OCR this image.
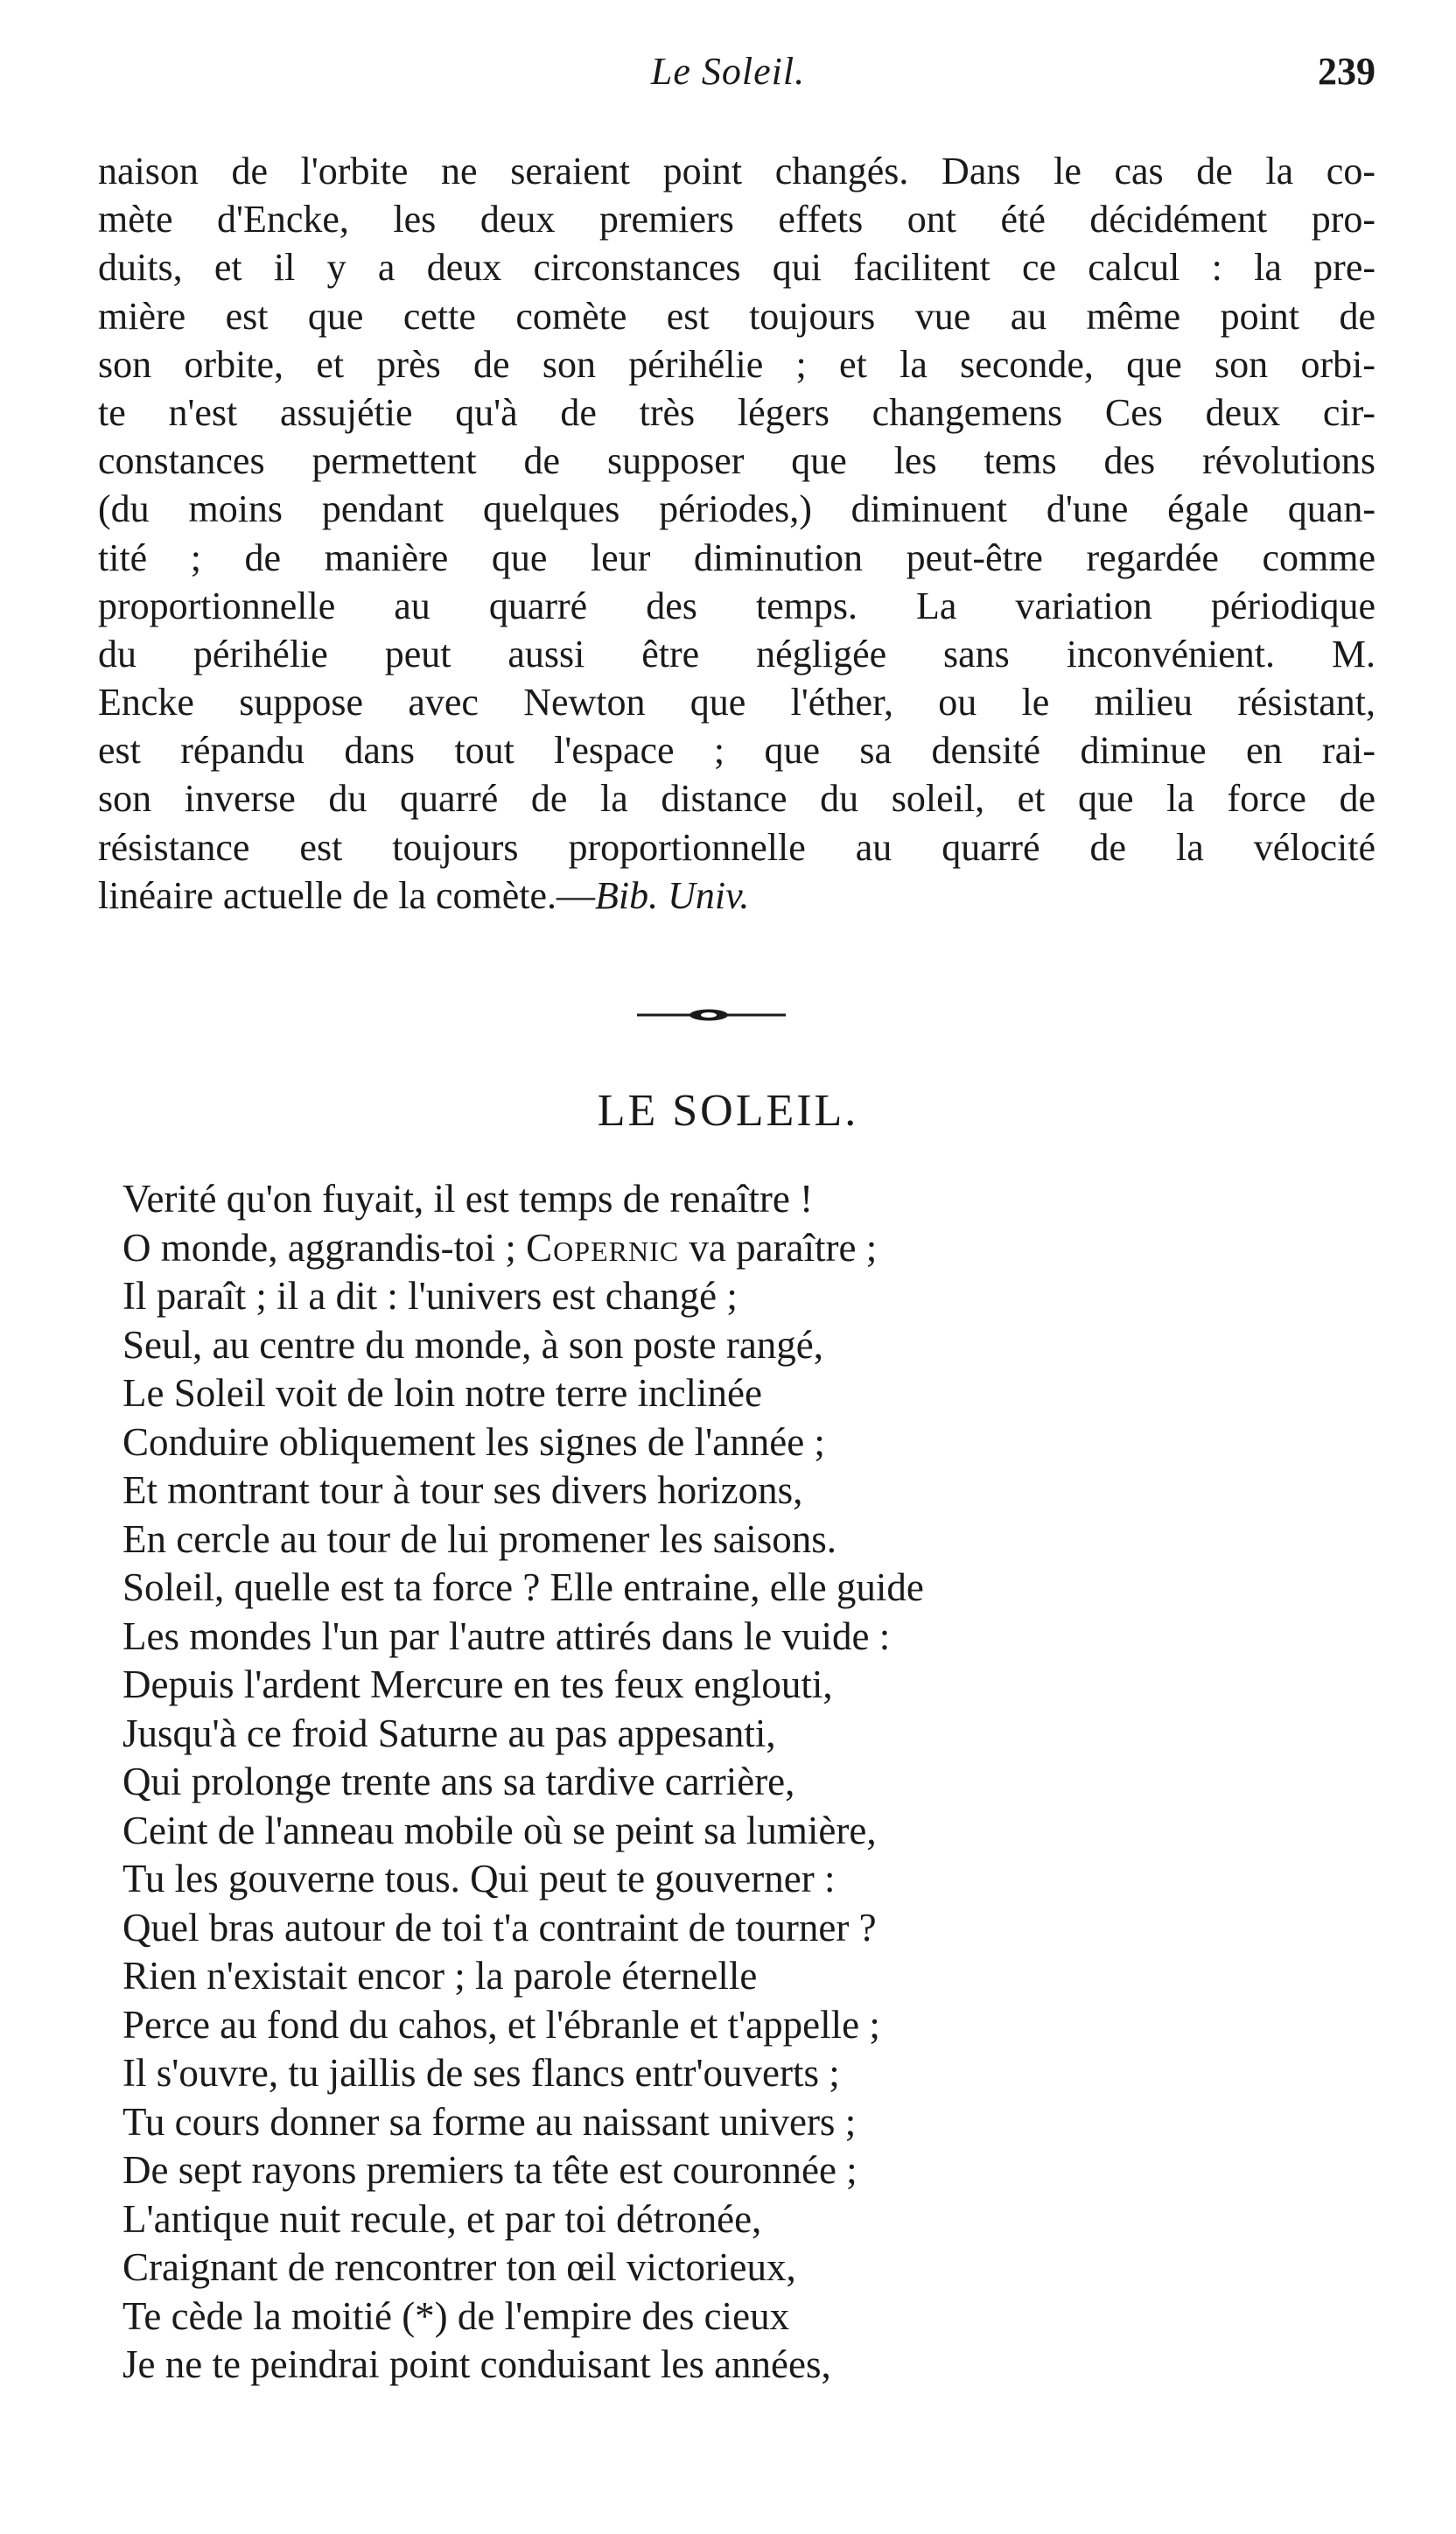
Le Soleil.	239
naison de l'orbite ne seraient point changés. Dans le cas de la co-
mète d'Encke, les deux premiers effets ont été décidément pro-
duits, et il y a deux circonstances qui facilitent ce calcul : la pre-
mière est que cette comète est toujours vue au même point de
son orbite, et près de son périhélie ; et la seconde, que son orbi-
te n'est assujétie qu'à de très légers changemens Ces deux cir-
constances permettent de supposer que les tems des révolutions
(du moins pendant quelques périodes,) diminuent d'une égale quan-
tité ; de manière que leur diminution peut-être regardée comme
proportionnelle au quarré des temps. La variation périodique
du périhélie peut aussi être négligée sans inconvénient. M.
Encke suppose avec Newton que l'éther, ou le milieu résistant,
est répandu dans tout l'espace ; que sa densité diminue en rai-
son inverse du quarré de la distance du soleil, et que la force de
résistance est toujours proportionnelle au quarré de la vélocité
linéaire actuelle de la comète.—Bib. Univ.
LE SOLEIL.
Verité qu'on fuyait, il est temps de renaître !
O monde, aggrandis-toi ; Copernic va paraître ;
Il paraît ; il a dit : l'univers est changé ;
Seul, au centre du monde, à son poste rangé,
Le Soleil voit de loin notre terre inclinée
Conduire obliquement les signes de l'année ;
Et montrant tour à tour ses divers horizons,
En cercle au tour de lui promener les saisons.
Soleil, quelle est ta force ? Elle entraine, elle guide
Les mondes l'un par l'autre attirés dans le vuide :
Depuis l'ardent Mercure en tes feux englouti,
Jusqu'à ce froid Saturne au pas appesanti,
Qui prolonge trente ans sa tardive carrière,
Ceint de l'anneau mobile où se peint sa lumière,
Tu les gouverne tous. Qui peut te gouverner :
Quel bras autour de toi t'a contraint de tourner ?
Rien n'existait encor ; la parole éternelle
Perce au fond du cahos, et l'ébranle et t'appelle ;
Il s'ouvre, tu jaillis de ses flancs entr'ouverts ;
Tu cours donner sa forme au naissant univers ;
De sept rayons premiers ta tête est couronnée ;
L'antique nuit recule, et par toi détronée,
Craignant de rencontrer ton œil victorieux,
Te cède la moitié (*) de l'empire des cieux
Je ne te peindrai point conduisant les années,
